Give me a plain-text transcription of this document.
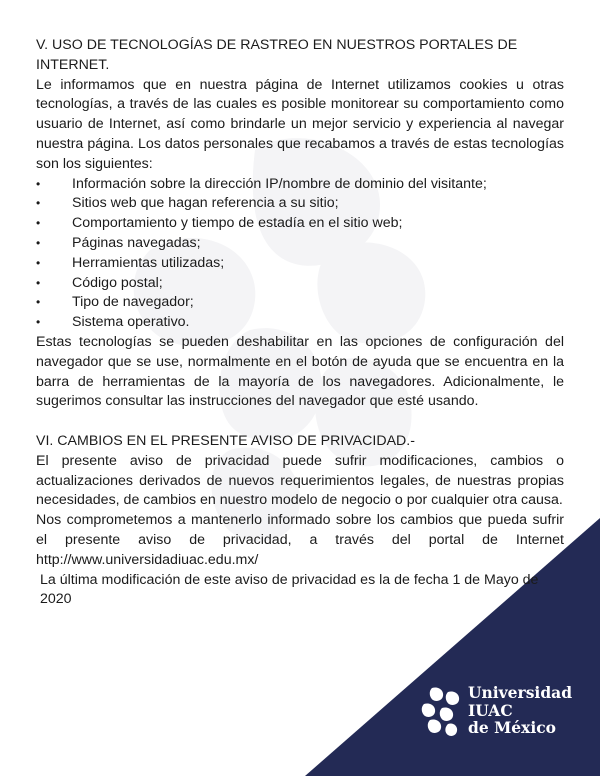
V. USO DE TECNOLOGÍAS DE RASTREO EN NUESTROS PORTALES DE INTERNET.

Le informamos que en nuestra página de Internet utilizamos cookies u otras tecnologías, a través de las cuales es posible monitorear su comportamiento como usuario de Internet, así como brindarle un mejor servicio y experiencia al navegar nuestra página. Los datos personales que recabamos a través de estas tecnologías son los siguientes:

• Información sobre la dirección IP/nombre de dominio del visitante;
• Sitios web que hagan referencia a su sitio;
• Comportamiento y tiempo de estadía en el sitio web;
• Páginas navegadas;
• Herramientas utilizadas;
• Código postal;
• Tipo de navegador;
• Sistema operativo.

Estas tecnologías se pueden deshabilitar en las opciones de configuración del navegador que se use, normalmente en el botón de ayuda que se encuentra en la barra de herramientas de la mayoría de los navegadores. Adicionalmente, le sugerimos consultar las instrucciones del navegador que esté usando.

VI. CAMBIOS EN EL PRESENTE AVISO DE PRIVACIDAD.-

El presente aviso de privacidad puede sufrir modificaciones, cambios o actualizaciones derivados de nuevos requerimientos legales, de nuestras propias necesidades, de cambios en nuestro modelo de negocio o por cualquier otra causa.

Nos comprometemos a mantenerlo informado sobre los cambios que pueda sufrir el presente aviso de privacidad, a través del portal de Internet http://www.universidadiuac.edu.mx/

La última modificación de este aviso de privacidad es la de fecha 1 de Mayo de 2020

Universidad
IUAC
de México
